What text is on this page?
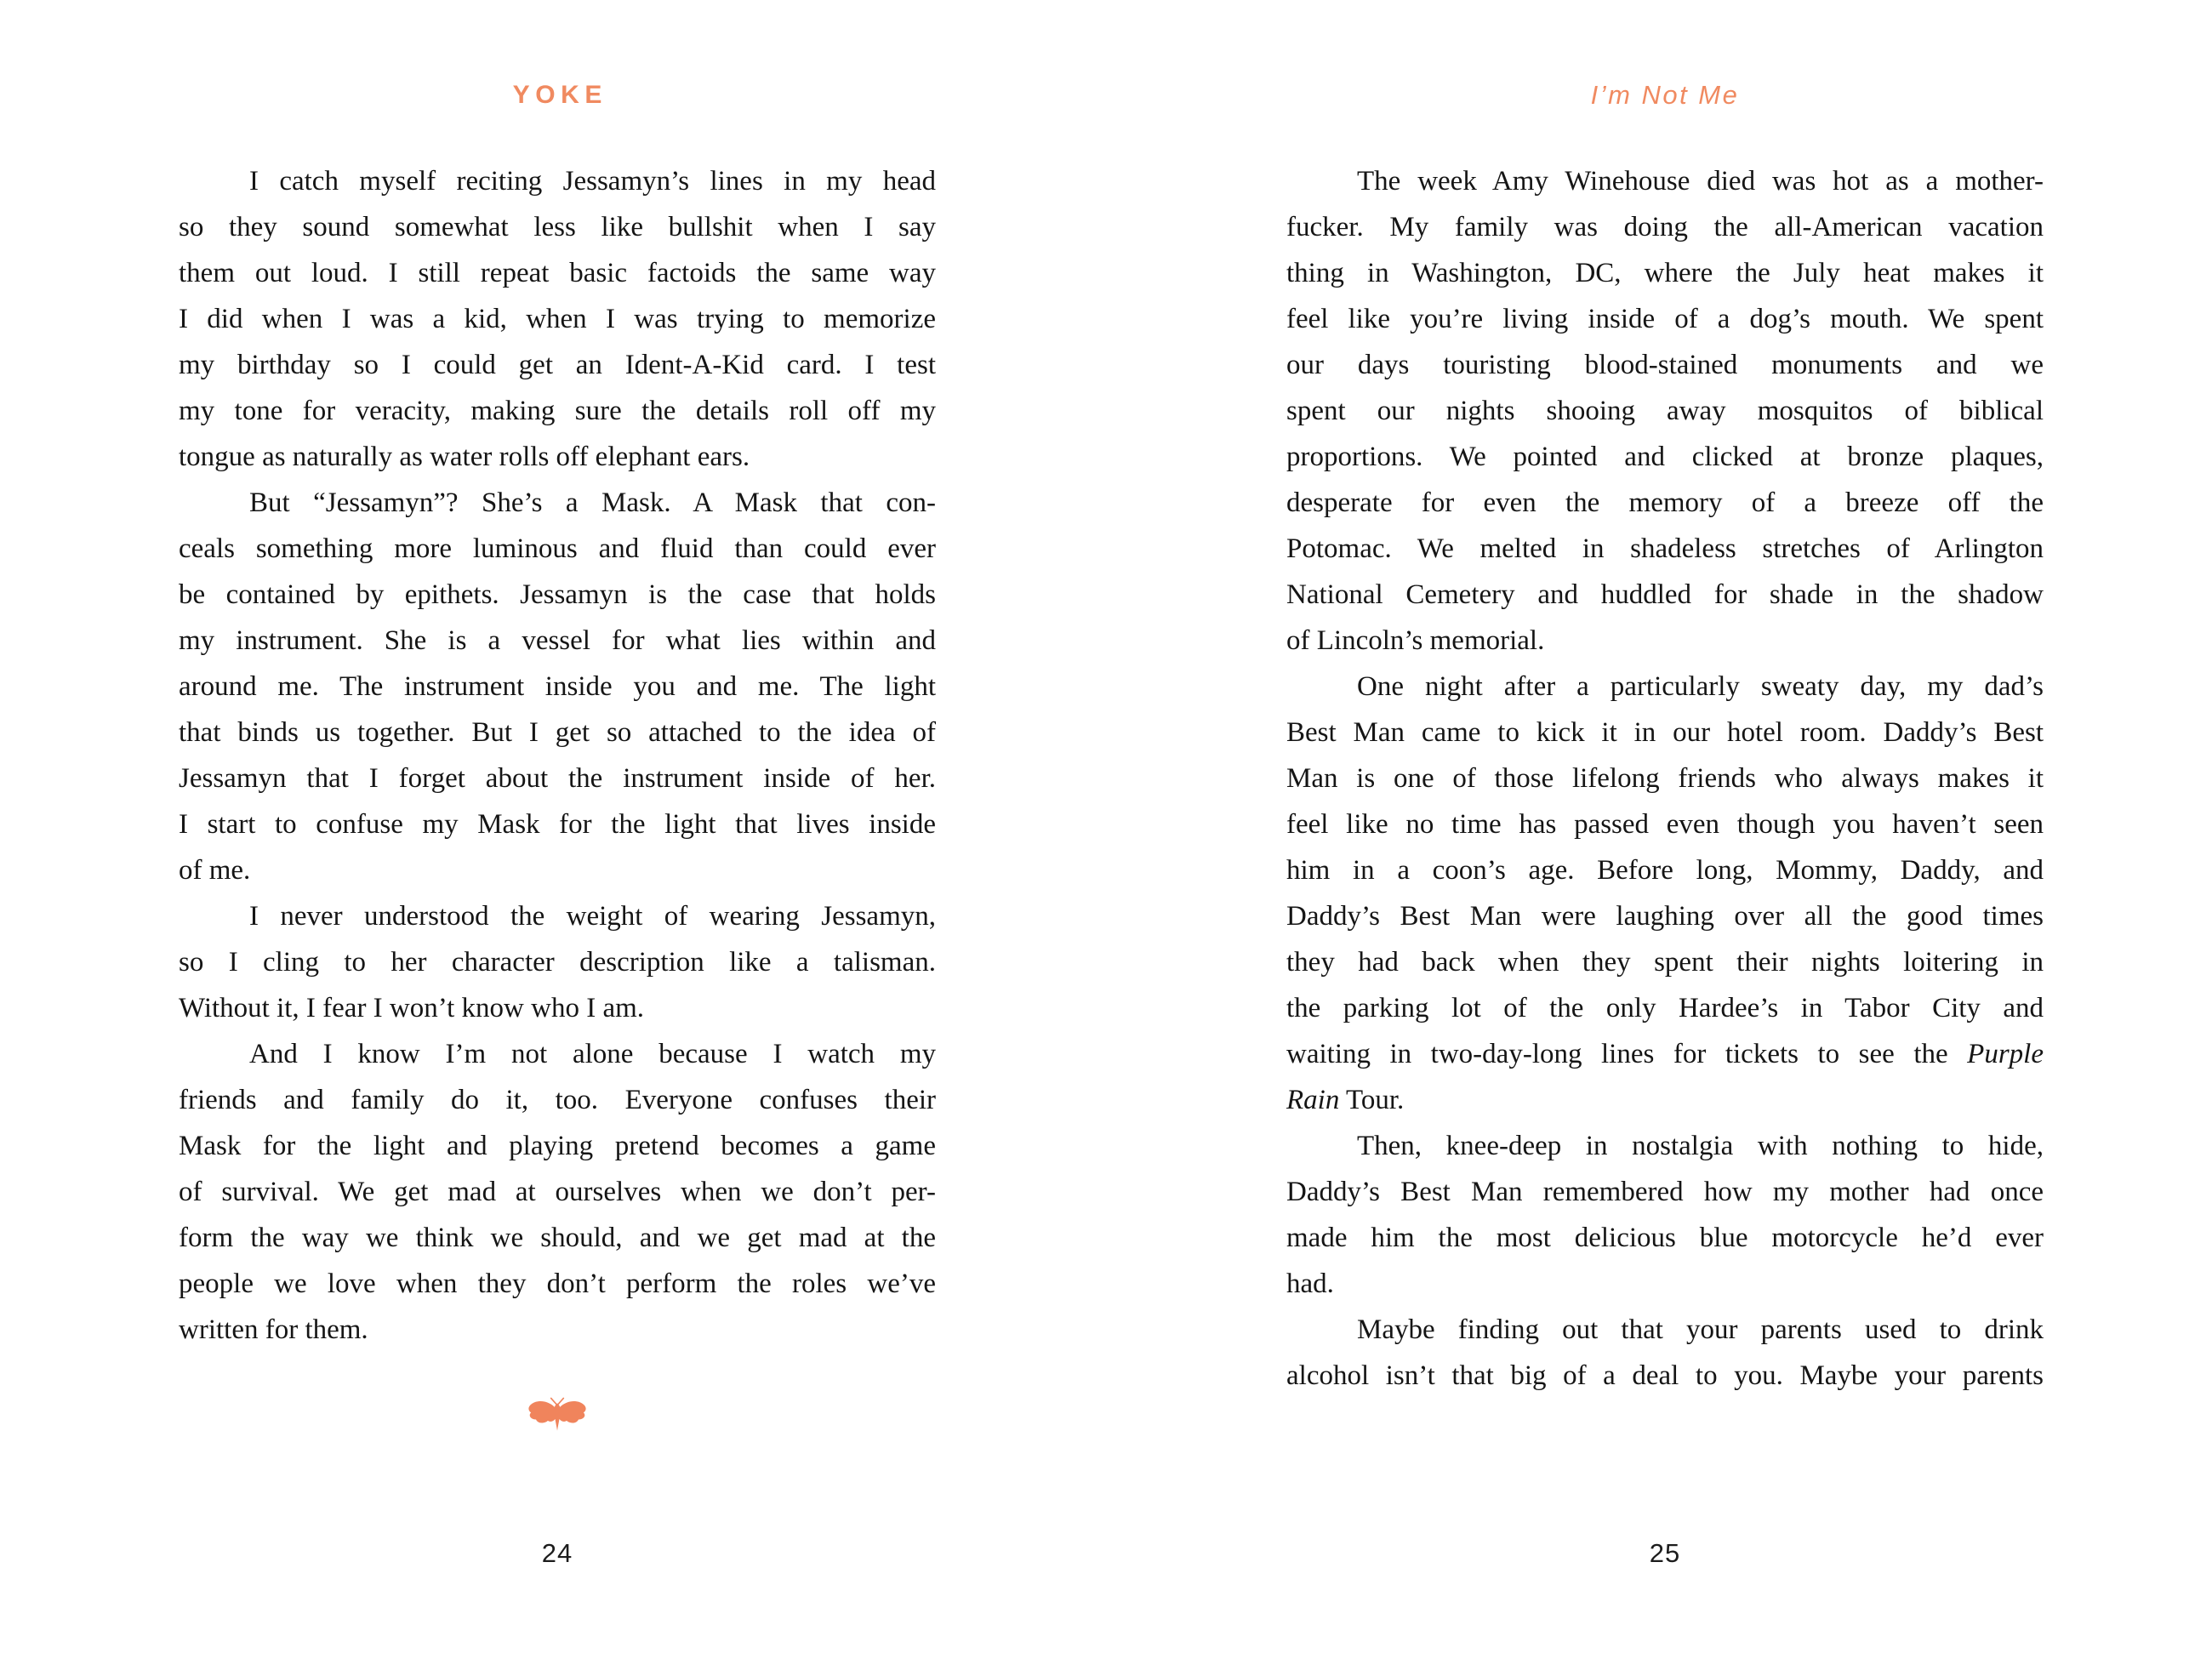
YOKE
I catch myself reciting Jessamyn’s lines in my head
so they sound somewhat less like bullshit when I say
them out loud. I still repeat basic factoids the same way
I did when I was a kid, when I was trying to memorize
my birthday so I could get an Ident-A-Kid card. I test
my tone for veracity, making sure the details roll off my
tongue as naturally as water rolls off elephant ears.
But “Jessamyn”? She’s a Mask. A Mask that con-
ceals something more luminous and fluid than could ever
be contained by epithets. Jessamyn is the case that holds
my instrument. She is a vessel for what lies within and
around me. The instrument inside you and me. The light
that binds us together. But I get so attached to the idea of
Jessamyn that I forget about the instrument inside of her.
I start to confuse my Mask for the light that lives inside
of me.
I never understood the weight of wearing Jessamyn,
so I cling to her character description like a talisman.
Without it, I fear I won’t know who I am.
And I know I’m not alone because I watch my
friends and family do it, too. Everyone confuses their
Mask for the light and playing pretend becomes a game
of survival. We get mad at ourselves when we don’t per-
form the way we think we should, and we get mad at the
people we love when they don’t perform the roles we’ve
written for them.
24
I’m Not Me
The week Amy Winehouse died was hot as a mother-
fucker. My family was doing the all-American vacation
thing in Washington, DC, where the July heat makes it
feel like you’re living inside of a dog’s mouth. We spent
our days touristing blood-stained monuments and we
spent our nights shooing away mosquitos of biblical
proportions. We pointed and clicked at bronze plaques,
desperate for even the memory of a breeze off the
Potomac. We melted in shadeless stretches of Arlington
National Cemetery and huddled for shade in the shadow
of Lincoln’s memorial.
One night after a particularly sweaty day, my dad’s
Best Man came to kick it in our hotel room. Daddy’s Best
Man is one of those lifelong friends who always makes it
feel like no time has passed even though you haven’t seen
him in a coon’s age. Before long, Mommy, Daddy, and
Daddy’s Best Man were laughing over all the good times
they had back when they spent their nights loitering in
the parking lot of the only Hardee’s in Tabor City and
waiting in two-day-long lines for tickets to see the Purple
Rain Tour.
Then, knee-deep in nostalgia with nothing to hide,
Daddy’s Best Man remembered how my mother had once
made him the most delicious blue motorcycle he’d ever
had.
Maybe finding out that your parents used to drink
alcohol isn’t that big of a deal to you. Maybe your parents
25
